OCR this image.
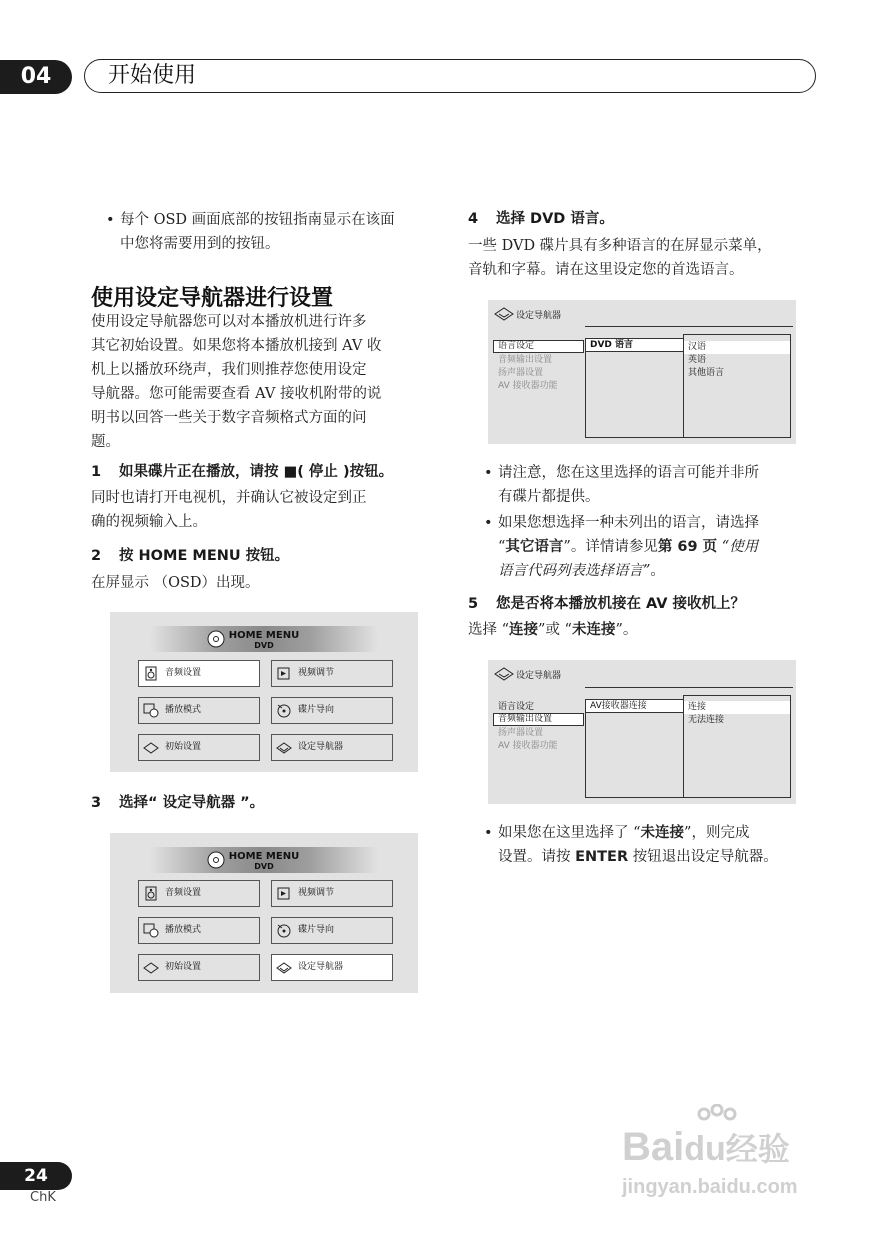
04	开始使用
• 每个 OSD 画面底部的按钮指南显示在该面
中您将需要用到的按钮。
使用设定导航器进行设置
使用设定导航器您可以对本播放机进行许多
其它初始设置。如果您将本播放机接到 AV 收
机上以播放环绕声，我们则推荐您使用设定
导航器。您可能需要查看 AV 接收机附带的说
明书以回答一些关于数字音频格式方面的问
题。
1 如果碟片正在播放，请按 ■( 停止 )按钮。
同时也请打开电视机，并确认它被设定到正
确的视频输入上。
2 按 HOME MENU 按钮。
在屏显示 （OSD）出现。
HOME MENU
DVD
音频设置	视频调节
播放模式	碟片导向
初始设置	设定导航器
3 选择“ 设定导航器 ”。
HOME MENU
DVD
音频设置	视频调节
播放模式	碟片导向
初始设置	设定导航器
4 选择 DVD 语言。
一些 DVD 碟片具有多种语言的在屏显示菜单，
音轨和字幕。请在这里设定您的首选语言。
设定导航器
语言设定
音频输出设置
扬声器设置
AV 接收器功能
DVD 语言	汉语
英语
其他语言
• 请注意，您在这里选择的语言可能并非所
有碟片都提供。
• 如果您想选择一种未列出的语言，请选择
“其它语言”。详情请参见第 69 页 “使用
语言代码列表选择语言”。
5 您是否将本播放机接在 AV 接收机上？
选择 “连接”或 “未连接”。
设定导航器
语言设定
音频输出设置
扬声器设置
AV 接收器功能
AV接收器连接	连接
无法连接
• 如果您在这里选择了 “未连接”，则完成
设置。请按 ENTER 按钮退出设定导航器。
Baidu经验
jingyan.baidu.com
24
ChK
